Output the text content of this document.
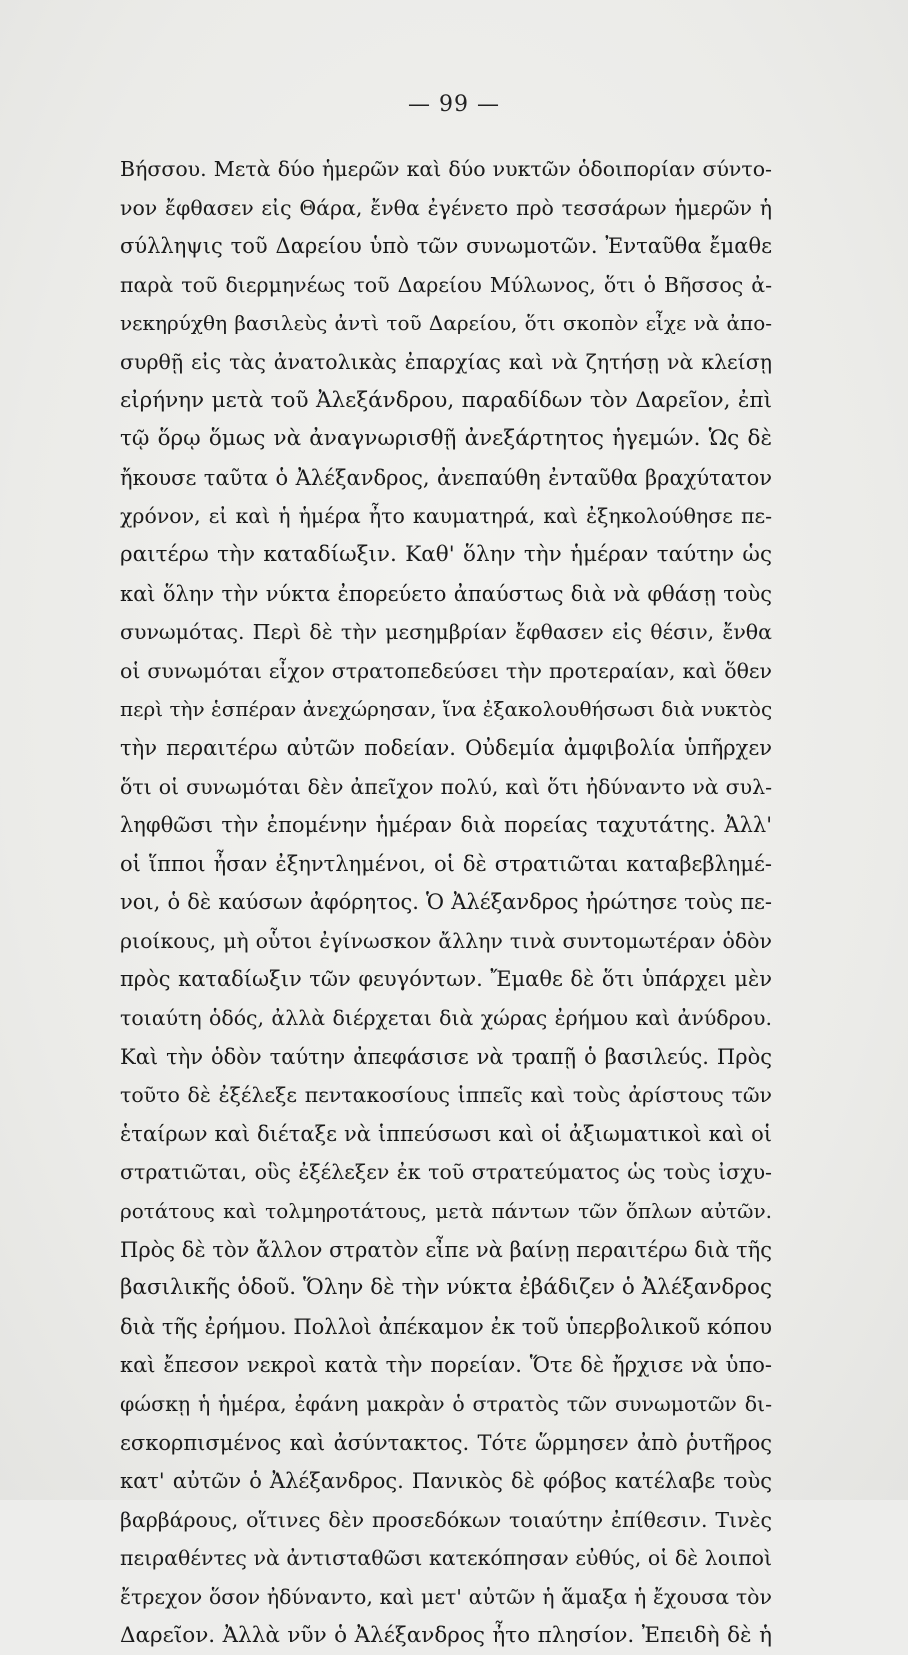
— 99 —
Βήσσου. Μετὰ δύο ἡμερῶν καὶ δύο νυκτῶν ὁδοιπορίαν σύντο-
νον ἔφθασεν εἰς Θάρα, ἔνθα ἐγένετο πρὸ τεσσάρων ἡμερῶν ἡ
σύλληψις τοῦ Δαρείου ὑπὸ τῶν συνωμοτῶν. Ἐνταῦθα ἔμαθε
παρὰ τοῦ διερμηνέως τοῦ Δαρείου Μύλωνος, ὅτι ὁ Βῆσσος ἀ-
νεκηρύχθη βασιλεὺς ἀντὶ τοῦ Δαρείου, ὅτι σκοπὸν εἶχε νὰ ἀπο-
συρθῇ εἰς τὰς ἀνατολικὰς ἐπαρχίας καὶ νὰ ζητήσῃ νὰ κλείσῃ
εἰρήνην μετὰ τοῦ Ἀλεξάνδρου, παραδίδων τὸν Δαρεῖον, ἐπὶ
τῷ ὅρῳ ὅμως νὰ ἀναγνωρισθῇ ἀνεξάρτητος ἡγεμών. Ὡς δὲ
ἤκουσε ταῦτα ὁ Ἀλέξανδρος, ἀνεπαύθη ἐνταῦθα βραχύτατον
χρόνον, εἰ καὶ ἡ ἡμέρα ἦτο καυματηρά, καὶ ἐξηκολούθησε πε-
ραιτέρω τὴν καταδίωξιν. Καθ' ὅλην τὴν ἡμέραν ταύτην ὡς
καὶ ὅλην τὴν νύκτα ἐπορεύετο ἀπαύστως διὰ νὰ φθάσῃ τοὺς
συνωμότας. Περὶ δὲ τὴν μεσημβρίαν ἔφθασεν εἰς θέσιν, ἔνθα
οἱ συνωμόται εἶχον στρατοπεδεύσει τὴν προτεραίαν, καὶ ὅθεν
περὶ τὴν ἑσπέραν ἀνεχώρησαν, ἵνα ἐξακολουθήσωσι διὰ νυκτὸς
τὴν περαιτέρω αὐτῶν ποδείαν. Οὐδεμία ἀμφιβολία ὑπῆρχεν
ὅτι οἱ συνωμόται δὲν ἀπεῖχον πολύ, καὶ ὅτι ἠδύναντο νὰ συλ-
ληφθῶσι τὴν ἐπομένην ἡμέραν διὰ πορείας ταχυτάτης. Ἀλλ'
οἱ ἵπποι ἦσαν ἐξηντλημένοι, οἱ δὲ στρατιῶται καταβεβλημέ-
νοι, ὁ δὲ καύσων ἀφόρητος. Ὁ Ἀλέξανδρος ἠρώτησε τοὺς πε-
ριοίκους, μὴ οὗτοι ἐγίνωσκον ἄλλην τινὰ συντομωτέραν ὁδὸν
πρὸς καταδίωξιν τῶν φευγόντων. Ἔμαθε δὲ ὅτι ὑπάρχει μὲν
τοιαύτη ὁδός, ἀλλὰ διέρχεται διὰ χώρας ἐρήμου καὶ ἀνύδρου.
Καὶ τὴν ὁδὸν ταύτην ἀπεφάσισε νὰ τραπῇ ὁ βασιλεύς. Πρὸς
τοῦτο δὲ ἐξέλεξε πεντακοσίους ἱππεῖς καὶ τοὺς ἀρίστους τῶν
ἑταίρων καὶ διέταξε νὰ ἱππεύσωσι καὶ οἱ ἀξιωματικοὶ καὶ οἱ
στρατιῶται, οὓς ἐξέλεξεν ἐκ τοῦ στρατεύματος ὡς τοὺς ἰσχυ-
ροτάτους καὶ τολμηροτάτους, μετὰ πάντων τῶν ὅπλων αὐτῶν.
Πρὸς δὲ τὸν ἄλλον στρατὸν εἶπε νὰ βαίνῃ περαιτέρω διὰ τῆς
βασιλικῆς ὁδοῦ. Ὅλην δὲ τὴν νύκτα ἐβάδιζεν ὁ Ἀλέξανδρος
διὰ τῆς ἐρήμου. Πολλοὶ ἀπέκαμον ἐκ τοῦ ὑπερβολικοῦ κόπου
καὶ ἔπεσον νεκροὶ κατὰ τὴν πορείαν. Ὅτε δὲ ἤρχισε νὰ ὑπο-
φώσκῃ ἡ ἡμέρα, ἐφάνη μακρὰν ὁ στρατὸς τῶν συνωμοτῶν δι-
εσκορπισμένος καὶ ἀσύντακτος. Τότε ὥρμησεν ἀπὸ ῥυτῆρος
κατ' αὐτῶν ὁ Ἀλέξανδρος. Πανικὸς δὲ φόβος κατέλαβε τοὺς
βαρβάρους, οἵτινες δὲν προσεδόκων τοιαύτην ἐπίθεσιν. Τινὲς
πειραθέντες νὰ ἀντισταθῶσι κατεκόπησαν εὐθύς, οἱ δὲ λοιποὶ
ἔτρεχον ὅσον ἠδύναντο, καὶ μετ' αὐτῶν ἡ ἅμαξα ἡ ἔχουσα τὸν
Δαρεῖον. Ἀλλὰ νῦν ὁ Ἀλέξανδρος ἦτο πλησίον. Ἐπειδὴ δὲ ἡ
